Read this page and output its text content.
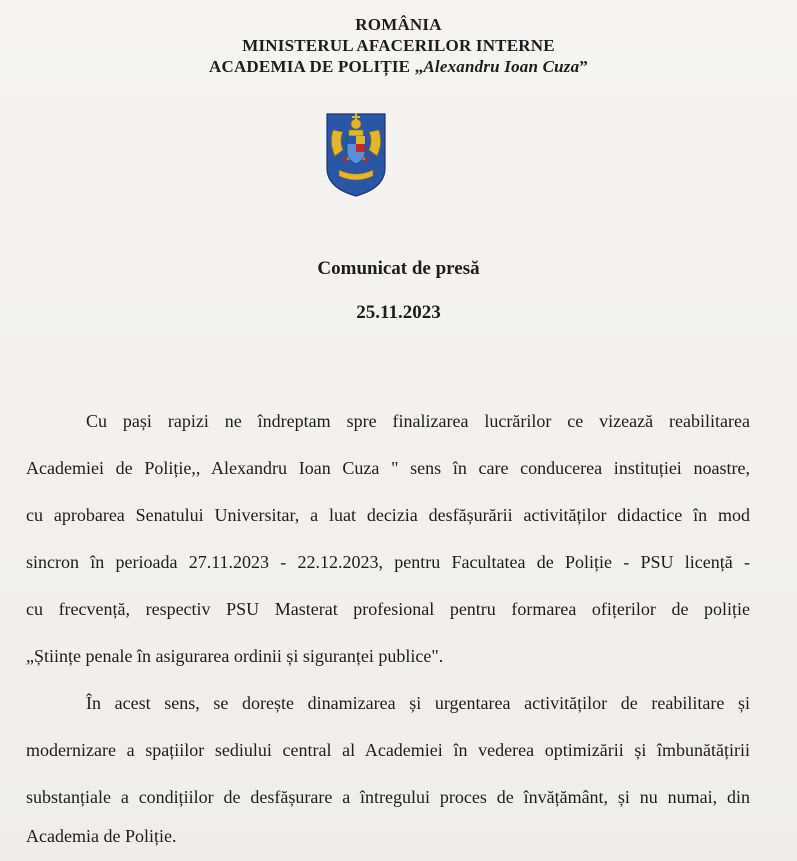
ROMÂNIA
MINISTERUL AFACERILOR INTERNE
ACADEMIA DE POLIȚIE „Alexandru Ioan Cuza”
Comunicat de presă
25.11.2023
Cu pași rapizi ne îndreptam spre finalizarea lucrărilor ce vizează reabilitarea
Academiei de Poliție,, Alexandru Ioan Cuza " sens în care conducerea instituției noastre,
cu aprobarea Senatului Universitar, a luat decizia desfășurării activităților didactice în mod
sincron în perioada 27.11.2023 - 22.12.2023, pentru Facultatea de Poliție - PSU licență -
cu frecvență, respectiv PSU Masterat profesional pentru formarea ofițerilor de poliție
„Științe penale în asigurarea ordinii și siguranței publice".
În acest sens, se dorește dinamizarea și urgentarea activităților de reabilitare și
modernizare a spațiilor sediului central al Academiei în vederea optimizării și îmbunătățirii
substanțiale a condițiilor de desfășurare a întregului proces de învățământ, și nu numai, din
Academia de Poliție.
